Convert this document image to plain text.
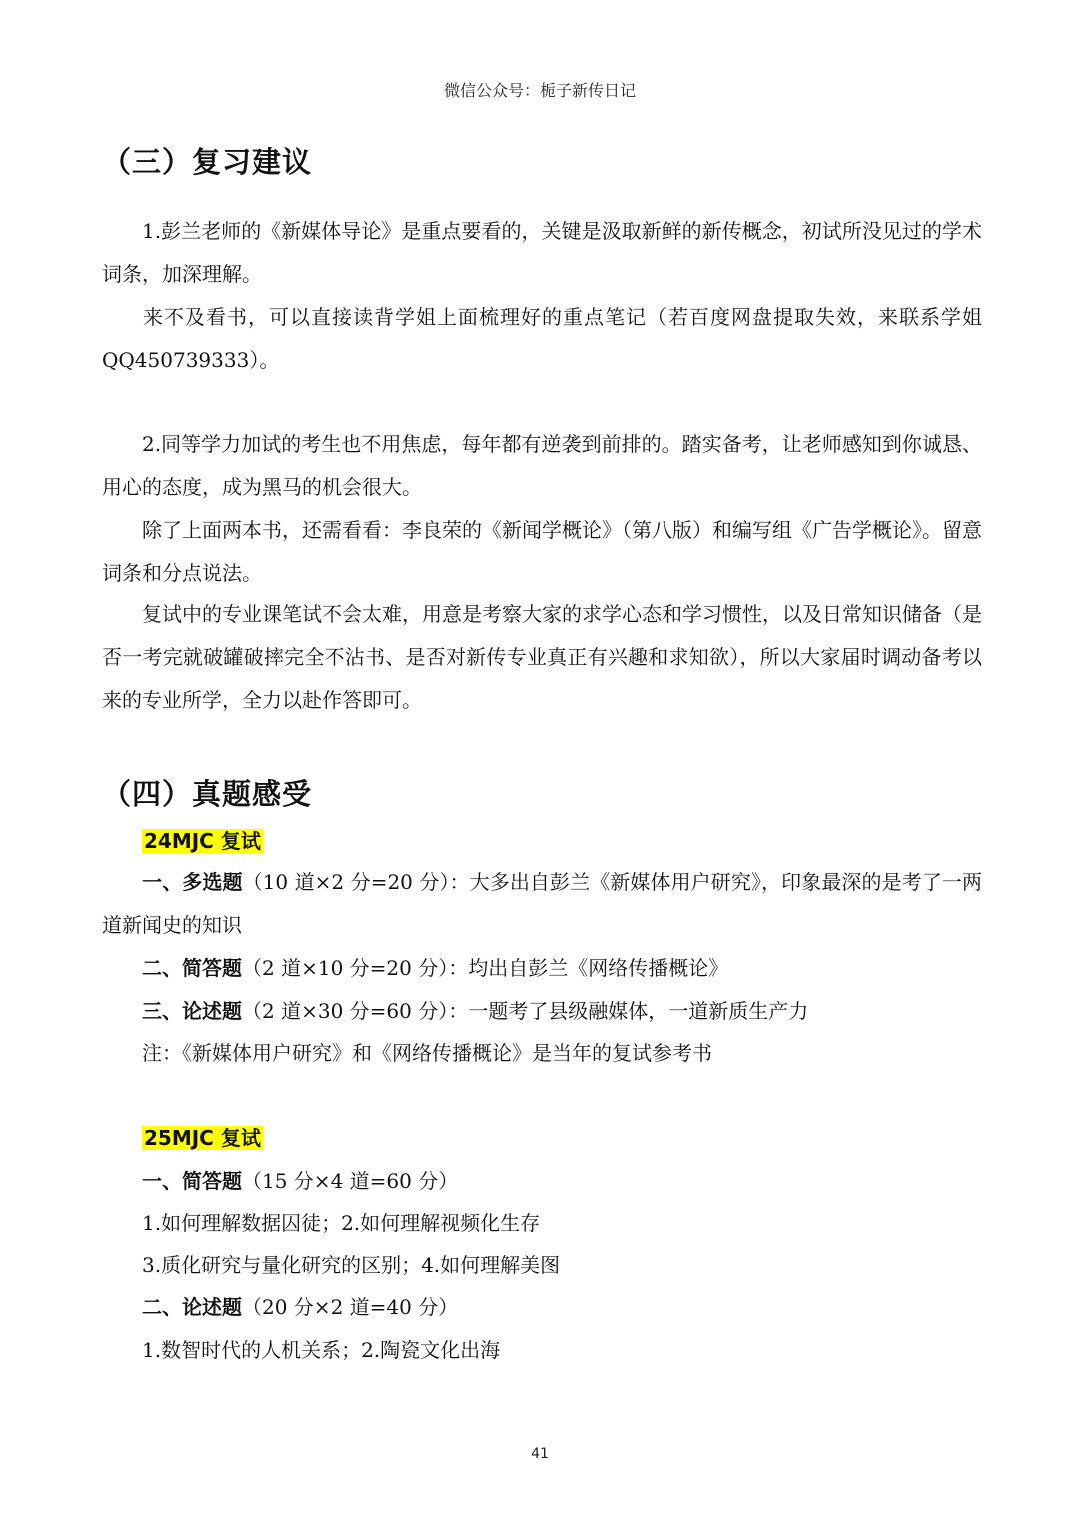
微信公众号：栀子新传日记
（三）复习建议
1.彭兰老师的《新媒体导论》是重点要看的，关键是汲取新鲜的新传概念，初试所没见过的学术词条，加深理解。
来不及看书，可以直接读背学姐上面梳理好的重点笔记（若百度网盘提取失效，来联系学姐 QQ450739333）。
2.同等学力加试的考生也不用焦虑，每年都有逆袭到前排的。踏实备考，让老师感知到你诚恳、用心的态度，成为黑马的机会很大。
除了上面两本书，还需看看：李良荣的《新闻学概论》（第八版）和编写组《广告学概论》。留意词条和分点说法。
复试中的专业课笔试不会太难，用意是考察大家的求学心态和学习惯性，以及日常知识储备（是否一考完就破罐破摔完全不沾书、是否对新传专业真正有兴趣和求知欲），所以大家届时调动备考以来的专业所学，全力以赴作答即可。
（四）真题感受
24MJC 复试
一、多选题（10 道×2 分=20 分）：大多出自彭兰《新媒体用户研究》，印象最深的是考了一两道新闻史的知识
二、简答题（2 道×10 分=20 分）：均出自彭兰《网络传播概论》
三、论述题（2 道×30 分=60 分）：一题考了县级融媒体，一道新质生产力
注：《新媒体用户研究》和《网络传播概论》是当年的复试参考书
25MJC 复试
一、简答题（15 分×4 道=60 分）
1.如何理解数据囚徒；2.如何理解视频化生存
3.质化研究与量化研究的区别；4.如何理解美图
二、论述题（20 分×2 道=40 分）
1.数智时代的人机关系；2.陶瓷文化出海
41
